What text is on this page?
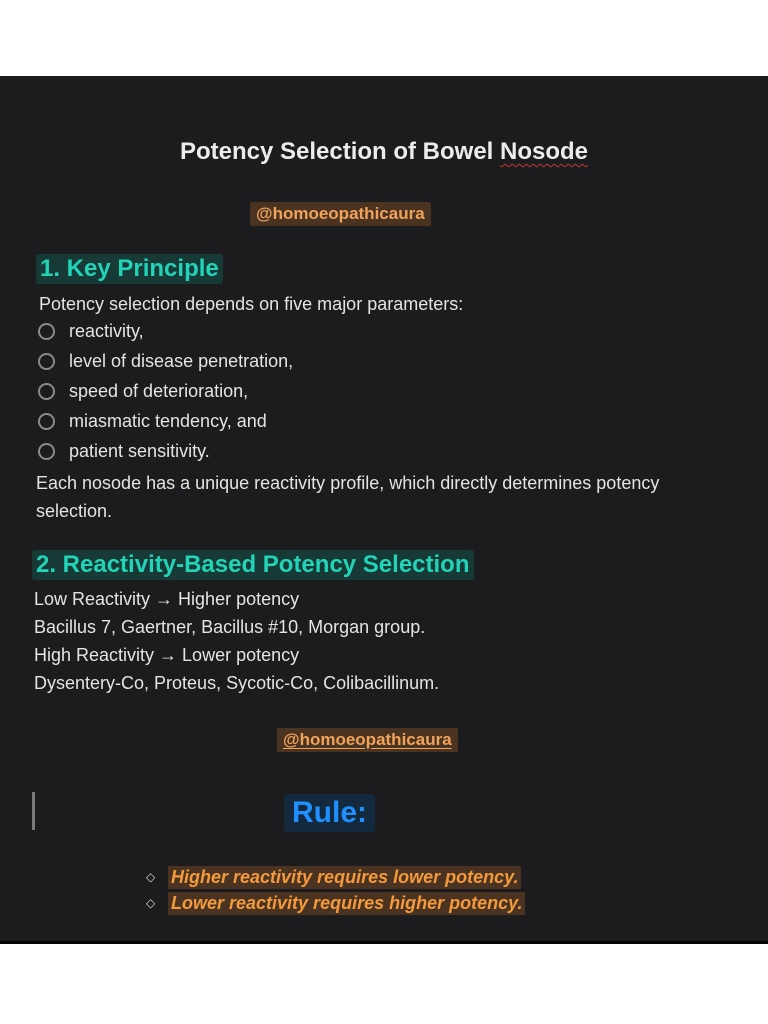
Potency Selection of Bowel Nosode
@homoeopathicaura
1. Key Principle
Potency selection depends on five major parameters:
reactivity,
level of disease penetration,
speed of deterioration,
miasmatic tendency, and
patient sensitivity.
Each nosode has a unique reactivity profile, which directly determines potency selection.
2. Reactivity-Based Potency Selection
Low Reactivity → Higher potency
Bacillus 7, Gaertner, Bacillus #10, Morgan group.
High Reactivity → Lower potency
Dysentery-Co, Proteus, Sycotic-Co, Colibacillinum.
@homoeopathicaura
Rule:
◇ Higher reactivity requires lower potency.
◇ Lower reactivity requires higher potency.
